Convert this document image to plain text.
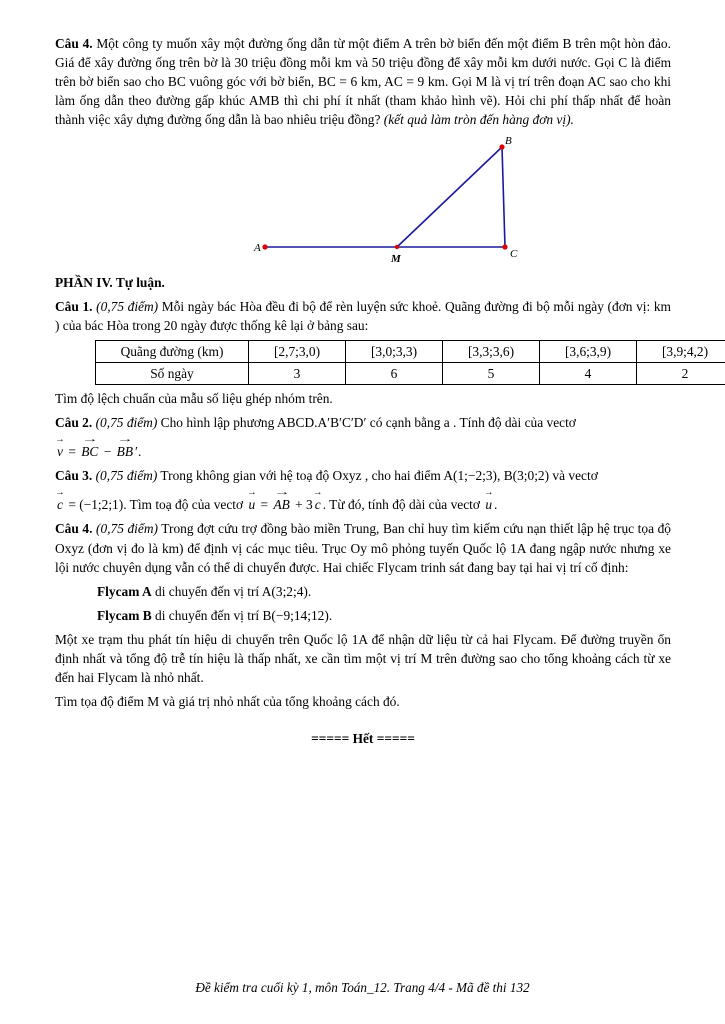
Câu 4. Một công ty muốn xây một đường ống dẫn từ một điểm A trên bờ biển đến một điểm B trên một hòn đảo. Giá để xây đường ống trên bờ là 30 triệu đồng mỗi km và 50 triệu đồng để xây mỗi km dưới nước. Gọi C là điểm trên bờ biển sao cho BC vuông góc với bờ biển, BC = 6 km, AC = 9 km. Gọi M là vị trí trên đoạn AC sao cho khi làm ống dẫn theo đường gấp khúc AMB thì chi phí ít nhất (tham khảo hình vẽ). Hỏi chi phí thấp nhất để hoàn thành việc xây dựng đường ống dẫn là bao nhiêu triệu đồng? (kết quả làm tròn đến hàng đơn vị).

A
B
C
M

PHẦN IV. Tự luận.

Câu 1. (0,75 điểm) Mỗi ngày bác Hòa đều đi bộ để rèn luyện sức khoẻ. Quãng đường đi bộ mỗi ngày (đơn vị: km ) của bác Hòa trong 20 ngày được thống kê lại ở bảng sau:

Quãng đường (km)	[2,7;3,0)	[3,0;3,3)	[3,3;3,6)	[3,6;3,9)	[3,9;4,2)
Số ngày	3	6	5	4	2

Tìm độ lệch chuẩn của mẫu số liệu ghép nhóm trên.

Câu 2. (0,75 điểm) Cho hình lập phương ABCD.A′B′C′D′ có cạnh bằng a . Tính độ dài của vectơ

→ v = → BC − → BB ′.

Câu 3. (0,75 điểm) Trong không gian với hệ toạ độ Oxyz , cho hai điểm A(1;−2;3), B(3;0;2) và vectơ

→ c = (−1;2;1). Tìm toạ độ của vectơ → u = → AB + 3 → c . Từ đó, tính độ dài của vectơ → u .

Câu 4. (0,75 điểm) Trong đợt cứu trợ đồng bào miền Trung, Ban chỉ huy tìm kiếm cứu nạn thiết lập hệ trục tọa độ Oxyz (đơn vị đo là km) để định vị các mục tiêu. Trục Oy mô phỏng tuyến Quốc lộ 1A đang ngập nước nhưng xe lội nước chuyên dụng vẫn có thể di chuyển được. Hai chiếc Flycam trinh sát đang bay tại hai vị trí cố định:

Flycam A di chuyển đến vị trí A(3;2;4).

Flycam B di chuyển đến vị trí B(−9;14;12).

Một xe trạm thu phát tín hiệu di chuyển trên Quốc lộ 1A để nhận dữ liệu từ cả hai Flycam. Để đường truyền ổn định nhất và tổng độ trễ tín hiệu là thấp nhất, xe cần tìm một vị trí M trên đường sao cho tổng khoảng cách từ xe đến hai Flycam là nhỏ nhất.

Tìm tọa độ điểm M và giá trị nhỏ nhất của tổng khoảng cách đó.

===== Hết =====
Đề kiểm tra cuối kỳ 1, môn Toán_12. Trang 4/4 - Mã đề thi 132
